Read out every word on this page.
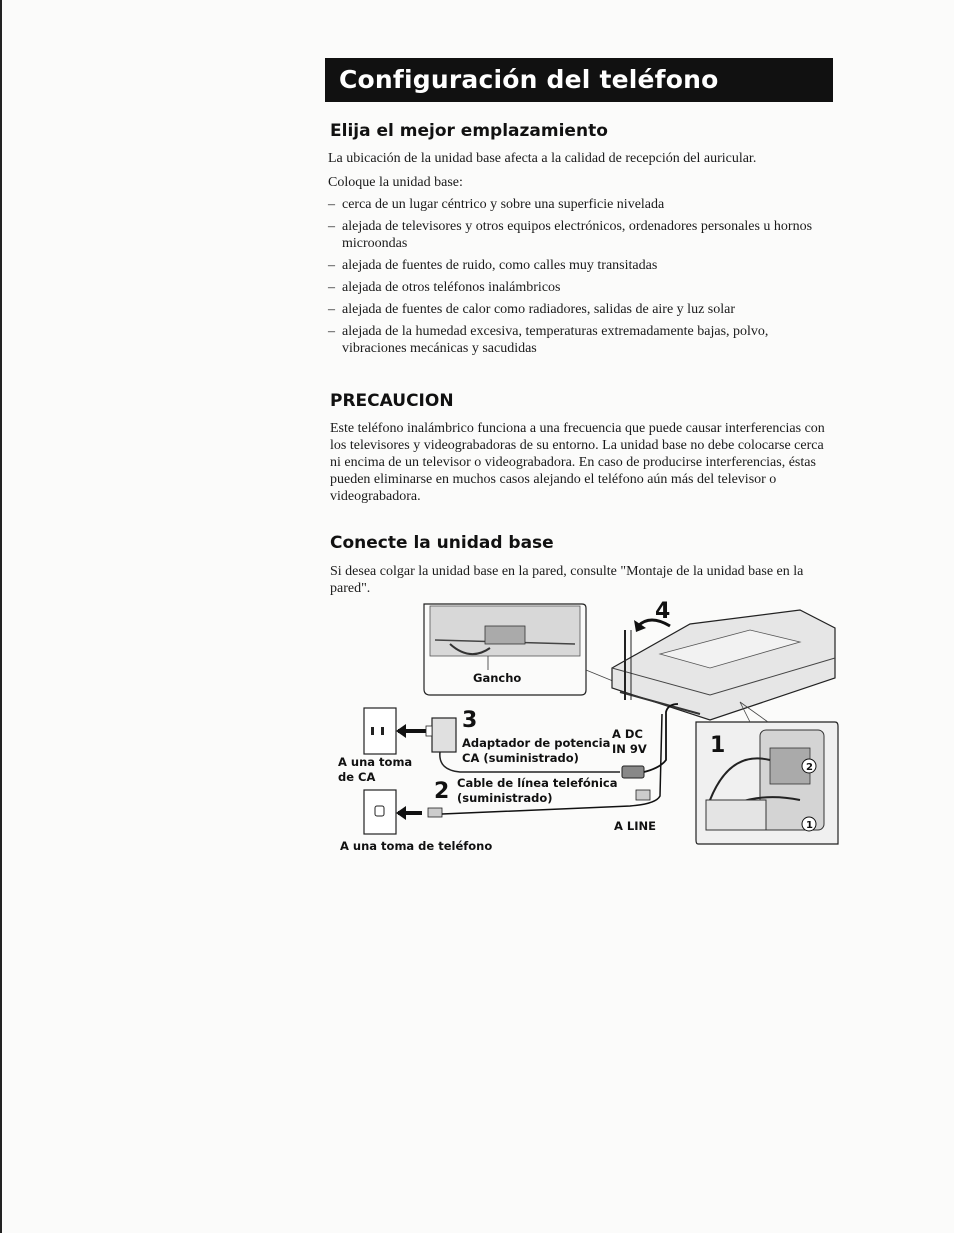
Configuración del teléfono
Elija el mejor emplazamiento
La ubicación de la unidad base afecta a la calidad de recepción del auricular.
Coloque la unidad base:
– cerca de un lugar céntrico y sobre una superficie nivelada
– alejada de televisores y otros equipos electrónicos, ordenadores personales u hornos microondas
– alejada de fuentes de ruido, como calles muy transitadas
– alejada de otros teléfonos inalámbricos
– alejada de fuentes de calor como radiadores, salidas de aire y luz solar
– alejada de la humedad excesiva, temperaturas extremadamente bajas, polvo, vibraciones mecánicas y sacudidas
PRECAUCION

Este teléfono inalámbrico funciona a una frecuencia que puede causar interferencias con los televisores y videograbadoras de su entorno. La unidad base no debe colocarse cerca ni encima de un televisor o videograbadora. En caso de producirse interferencias, éstas pueden eliminarse en muchos casos alejando el teléfono aún más del televisor o videograbadora.

Conecte la unidad base

Si desea colgar la unidad base en la pared, consulte "Montaje de la unidad base en la pared".

Gancho
4
3
Adaptador de potencia
CA (suministrado)
A DC
IN 9V
A una toma
de CA
2 Cable de línea telefónica
(suministrado)
A LINE
A una toma de teléfono
1
2
1
